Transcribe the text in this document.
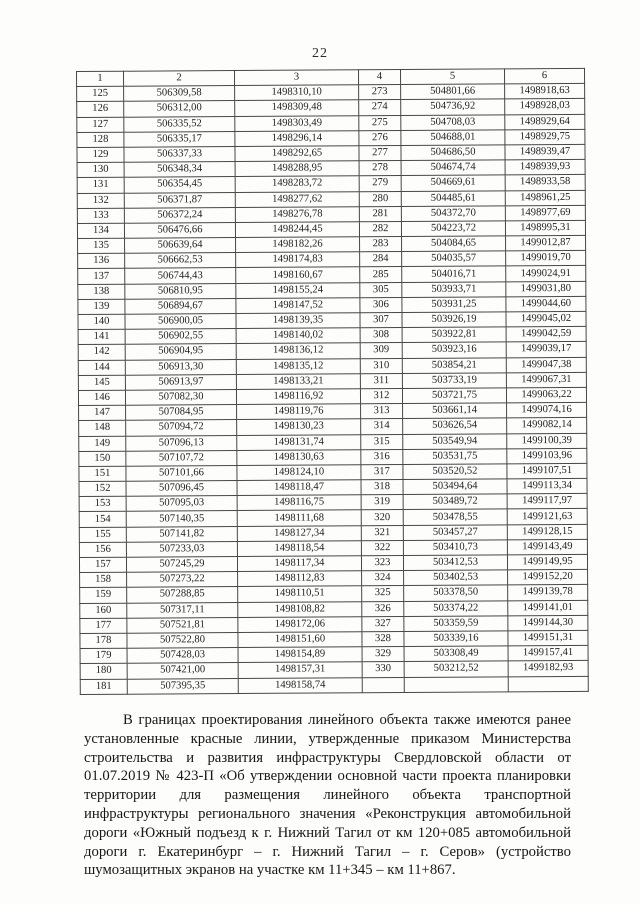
22
1	2	3	4	5	6
125	506309,58	1498310,10	273	504801,66	1498918,63
126	506312,00	1498309,48	274	504736,92	1498928,03
127	506335,52	1498303,49	275	504708,03	1498929,64
128	506335,17	1498296,14	276	504688,01	1498929,75
129	506337,33	1498292,65	277	504686,50	1498939,47
130	506348,34	1498288,95	278	504674,74	1498939,93
131	506354,45	1498283,72	279	504669,61	1498933,58
132	506371,87	1498277,62	280	504485,61	1498961,25
133	506372,24	1498276,78	281	504372,70	1498977,69
134	506476,66	1498244,45	282	504223,72	1498995,31
135	506639,64	1498182,26	283	504084,65	1499012,87
136	506662,53	1498174,83	284	504035,57	1499019,70
137	506744,43	1498160,67	285	504016,71	1499024,91
138	506810,95	1498155,24	305	503933,71	1499031,80
139	506894,67	1498147,52	306	503931,25	1499044,60
140	506900,05	1498139,35	307	503926,19	1499045,02
141	506902,55	1498140,02	308	503922,81	1499042,59
142	506904,95	1498136,12	309	503923,16	1499039,17
144	506913,30	1498135,12	310	503854,21	1499047,38
145	506913,97	1498133,21	311	503733,19	1499067,31
146	507082,30	1498116,92	312	503721,75	1499063,22
147	507084,95	1498119,76	313	503661,14	1499074,16
148	507094,72	1498130,23	314	503626,54	1499082,14
149	507096,13	1498131,74	315	503549,94	1499100,39
150	507107,72	1498130,63	316	503531,75	1499103,96
151	507101,66	1498124,10	317	503520,52	1499107,51
152	507096,45	1498118,47	318	503494,64	1499113,34
153	507095,03	1498116,75	319	503489,72	1499117,97
154	507140,35	1498111,68	320	503478,55	1499121,63
155	507141,82	1498127,34	321	503457,27	1499128,15
156	507233,03	1498118,54	322	503410,73	1499143,49
157	507245,29	1498117,34	323	503412,53	1499149,95
158	507273,22	1498112,83	324	503402,53	1499152,20
159	507288,85	1498110,51	325	503378,50	1499139,78
160	507317,11	1498108,82	326	503374,22	1499141,01
177	507521,81	1498172,06	327	503359,59	1499144,30
178	507522,80	1498151,60	328	503339,16	1499151,31
179	507428,03	1498154,89	329	503308,49	1499157,41
180	507421,00	1498157,31	330	503212,52	1499182,93
181	507395,35	1498158,74			

В границах проектирования линейного объекта также имеются ранее установленные красные линии, утвержденные приказом Министерства строительства и развития инфраструктуры Свердловской области от 01.07.2019 № 423-П «Об утверждении основной части проекта планировки территории для размещения линейного объекта транспортной инфраструктуры регионального значения «Реконструкция автомобильной дороги «Южный подъезд к г. Нижний Тагил от км 120+085 автомобильной дороги г. Екатеринбург – г. Нижний Тагил – г. Серов» (устройство шумозащитных экранов на участке км 11+345 – км 11+867.
